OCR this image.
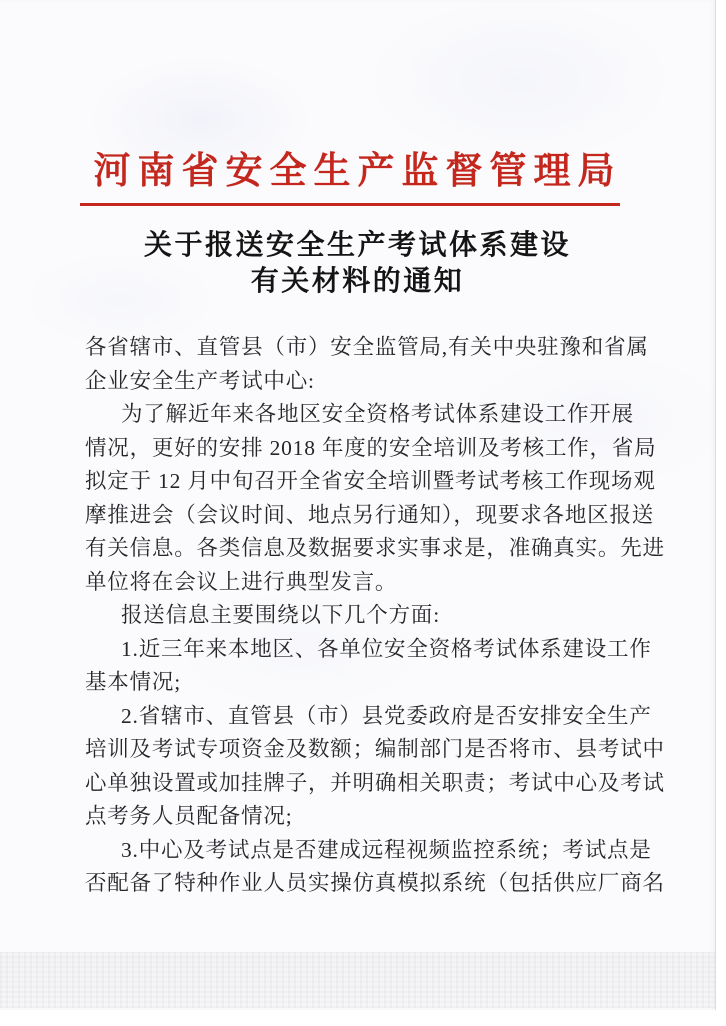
河南省安全生产监督管理局
关于报送安全生产考试体系建设
有关材料的通知
各省辖市、直管县（市）安全监管局,有关中央驻豫和省属
企业安全生产考试中心:
为了解近年来各地区安全资格考试体系建设工作开展
情况，更好的安排 2018 年度的安全培训及考核工作，省局
拟定于 12 月中旬召开全省安全培训暨考试考核工作现场观
摩推进会（会议时间、地点另行通知），现要求各地区报送
有关信息。各类信息及数据要求实事求是，准确真实。先进
单位将在会议上进行典型发言。
报送信息主要围绕以下几个方面:
1.近三年来本地区、各单位安全资格考试体系建设工作
基本情况;
2.省辖市、直管县（市）县党委政府是否安排安全生产
培训及考试专项资金及数额；编制部门是否将市、县考试中
心单独设置或加挂牌子，并明确相关职责；考试中心及考试
点考务人员配备情况;
3.中心及考试点是否建成远程视频监控系统；考试点是
否配备了特种作业人员实操仿真模拟系统（包括供应厂商名
